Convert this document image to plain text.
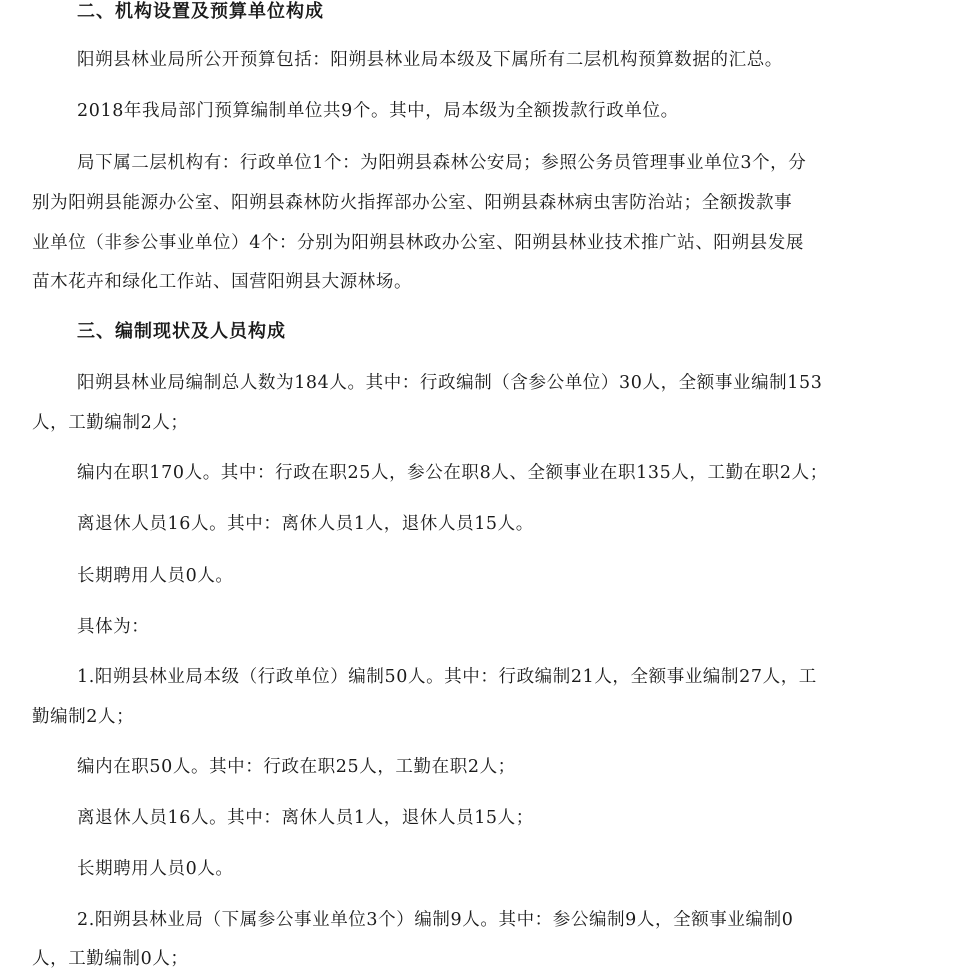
二、机构设置及预算单位构成
阳朔县林业局所公开预算包括：阳朔县林业局本级及下属所有二层机构预算数据的汇总。
2018年我局部门预算编制单位共9个。其中，局本级为全额拨款行政单位。
局下属二层机构有：行政单位1个：为阳朔县森林公安局；参照公务员管理事业单位3个，分
别为阳朔县能源办公室、阳朔县森林防火指挥部办公室、阳朔县森林病虫害防治站；全额拨款事
业单位（非参公事业单位）4个：分别为阳朔县林政办公室、阳朔县林业技术推广站、阳朔县发展
苗木花卉和绿化工作站、国营阳朔县大源林场。
三、编制现状及人员构成
阳朔县林业局编制总人数为184人。其中：行政编制（含参公单位）30人，全额事业编制153
人，工勤编制2人；
编内在职170人。其中：行政在职25人，参公在职8人、全额事业在职135人，工勤在职2人；
离退休人员16人。其中：离休人员1人，退休人员15人。
长期聘用人员0人。
具体为：
1.阳朔县林业局本级（行政单位）编制50人。其中：行政编制21人，全额事业编制27人，工
勤编制2人；
编内在职50人。其中：行政在职25人，工勤在职2人；
离退休人员16人。其中：离休人员1人，退休人员15人；
长期聘用人员0人。
2.阳朔县林业局（下属参公事业单位3个）编制9人。其中：参公编制9人，全额事业编制0
人，工勤编制0人；
